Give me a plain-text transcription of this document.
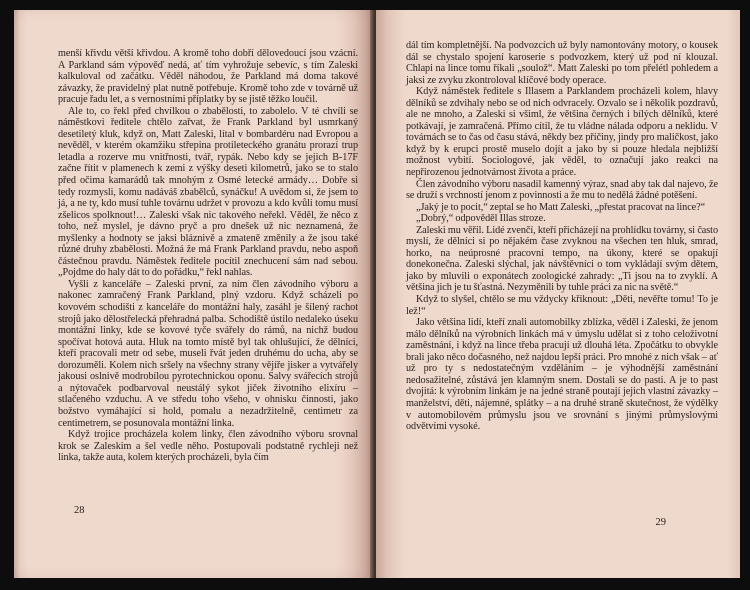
menší křivdu větší křivdou. A kromě toho dobří dělovedoucí jsou vzácní. A Parkland sám výpověď nedá, ať tím vyhrožuje sebevíc, s tím Zaleski kalkuloval od začátku. Věděl náhodou, že Parkland má doma takové závazky, že pravidelný plat nutně potřebuje. Kromě toho zde v továrně už pracuje řadu let, a s vernostními příplatky by se jistě těžko loučil.

Ale to, co řekl před chvílkou o zbabělosti, to zabolelo. V té chvíli se náměstkovi ředitele chtělo zařvat, že Frank Parkland byl usmrkaný desetiletý kluk, když on, Matt Zaleski, lítal v bombardéru nad Evropou a nevěděl, v kterém okamžiku střepina protileteckého granátu prorazí trup letadla a rozerve mu vnitřnosti, tvář, rypák. Nebo kdy se jejich B-17F začne řítit v plamenech k zemi z výšky deseti kilometrů, jako se to stalo před očima kamarádů tak mnohým z Osmé letecké armády… Dobře si tedy rozmysli, komu nadáváš zbabělců, synáčku! A uvědom si, že jsem to já, a ne ty, kdo musí tuhle továrnu udržet v provozu a kdo kvůli tomu musí zšelicos spolknout!… Zaleski však nic takového neřekl. Věděl, že něco z toho, než myslel, je dávno pryč a pro dnešek už nic neznamená, že myšlenky a hodnoty se jaksi bláznivě a zmateně změnily a že jsou také různé druhy zbabělosti. Možná že má Frank Parkland pravdu, nebo aspoň částečnou pravdu. Náměstek ředitele pocítil znechucení sám nad sebou. „Pojdme do haly dát to do pořádku,“ řekl nahlas.

Vyšli z kanceláře – Zaleski první, za ním člen závodního výboru a nakonec zamračený Frank Parkland, plný vzdoru. Když scházeli po kovovém schodišti z kanceláře do montážní haly, zasáhl je šílený rachot strojů jako dělostřelecká přehradná palba. Schodiště ústilo nedaleko úseku montážní linky, kde se kovové tyče svářely do rámů, na nichž budou spočívat hotová auta. Hluk na tomto místě byl tak ohlušující, že dělníci, kteří pracovali metr od sebe, museli řvát jeden druhému do ucha, aby se dorozuměli. Kolem nich sršely na všechny strany vějíře jisker a vytvářely jakousi oslnivě modrobílou pyrotechnickou oponu. Salvy svářecích strojů a nýtovaček podbarvoval neustálý sykot jiček životního elixíru – stlačeného vzduchu. A ve středu toho všeho, v ohnisku činnosti, jako božstvo vymáhající si hold, pomalu a nezadržitelně, centimetr za centimetrem, se posunovala montážní linka.

Když trojice procházela kolem linky, člen závodního výboru srovnal krok se Zaleskim a šel vedle něho. Postupovali podstatně rychleji než linka, takže auta, kolem kterých procházeli, byla čím

28

dál tím kompletnější. Na podvozcích už byly namontovány motory, o kousek dál se chystalo spojení karoserie s podvozkem, který už pod ní klouzal. Chlapi na lince tomu říkali „soulož“. Matt Zaleski po tom přelétl pohledem a jaksi ze zvyku zkontroloval klíčové body operace.

Když náměstek ředitele s Illasem a Parklandem procházeli kolem, hlavy dělníků se zdvihaly nebo se od nich odvracely. Ozvalo se i několik pozdravů, ale ne mnoho, a Zaleski si všiml, že většina černých i bílých dělníků, které potkávají, je zamračená. Přímo cítil, že tu vládne nálada odporu a neklidu. V továrnách se to čas od času stává, někdy bez příčiny, jindy pro maličkost, jako když by k erupci prostě muselo dojít a jako by si pouze hledala nejbližší možnost vybití. Sociologové, jak věděl, to označují jako reakci na nepřirozenou jednotvárnost života a práce.

Člen závodního výboru nasadil kamenný výraz, snad aby tak dal najevo, že se druží s vrchností jenom z povinnosti a že mu to nedělá žádné potěšení.

„Jaký je to pocit,“ zeptal se ho Matt Zaleski, „přestat pracovat na lince?“

„Dobrý,“ odpověděl Illas stroze.

Zaleski mu věřil. Lidé zvenčí, kteří přicházejí na prohlídku továrny, si často myslí, že dělníci si po nějakém čase zvyknou na všechen ten hluk, smrad, horko, na neúprosné pracovní tempo, na úkony, které se opakují donekonečna. Zaleski slýchal, jak návštěvníci o tom vykládají svým dětem, jako by mluvili o exponátech zoologické zahrady: „Ti jsou na to zvyklí. A většina jich je tu šťastná. Nezyměnili by tuhle práci za nic na světě.“

Když to slyšel, chtělo se mu vždycky křiknout: „Děti, nevěřte tomu! To je lež!“

Jako většina lidí, kteří znali automobilky zblízka, věděl i Zaleski, že jenom málo dělníků na výrobních linkách má v úmyslu udělat si z toho celoživotní zaměstnání, i když na lince třeba pracují už dlouhá léta. Zpočátku to obvykle brali jako něco dočasného, než najdou lepší práci. Pro mnohé z nich však – ať už pro ty s nedostatečným vzděláním – je výhodnější zaměstnání nedosažitelné, zůstává jen klamným snem. Dostali se do pasti. A je to past dvojitá: k výrobním linkám je na jedné straně poutají jejich vlastní závazky – manželství, děti, nájemné, splátky – a na druhé straně skutečnost, že výdělky v automobilovém průmyslu jsou ve srovnání s jinými průmyslovými odvětvími vysoké.

29
